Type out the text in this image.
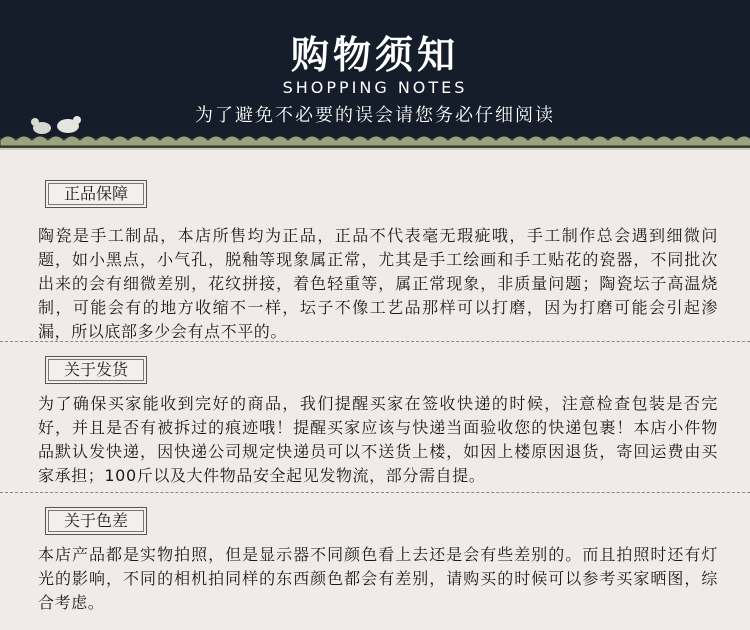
购物须知
SHOPPING NOTES
为了避免不必要的误会请您务必仔细阅读
正品保障
陶瓷是手工制品，本店所售均为正品，正品不代表毫无瑕疵哦，手工制作总会遇到细微问题，如小黑点，小气孔，脱釉等现象属正常，尤其是手工绘画和手工贴花的瓷器，不同批次出来的会有细微差别，花纹拼接，着色轻重等，属正常现象，非质量问题；陶瓷坛子高温烧制，可能会有的地方收缩不一样，坛子不像工艺品那样可以打磨，因为打磨可能会引起渗漏，所以底部多少会有点不平的。
关于发货
为了确保买家能收到完好的商品，我们提醒买家在签收快递的时候，注意检查包装是否完好，并且是否有被拆过的痕迹哦！提醒买家应该与快递当面验收您的快递包裹！本店小件物品默认发快递，因快递公司规定快递员可以不送货上楼，如因上楼原因退货，寄回运费由买家承担；100斤以及大件物品安全起见发物流，部分需自提。
关于色差
本店产品都是实物拍照，但是显示器不同颜色看上去还是会有些差别的。而且拍照时还有灯光的影响，不同的相机拍同样的东西颜色都会有差别，请购买的时候可以参考买家晒图，综合考虑。
